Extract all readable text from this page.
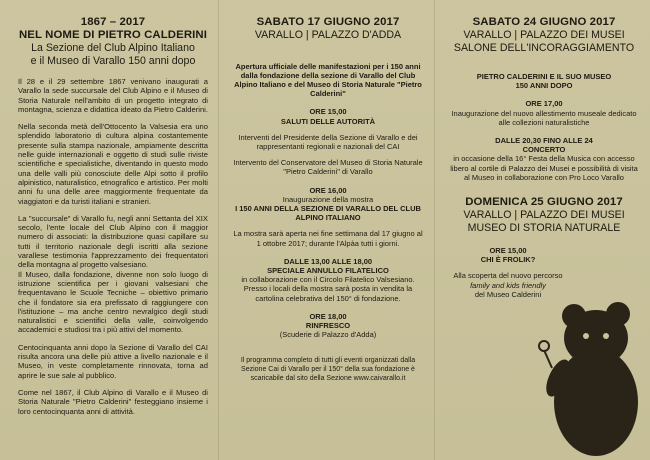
1867 – 2017
NEL NOME DI PIETRO CALDERINI
La Sezione del Club Alpino Italiano
e il Museo di Varallo 150 anni dopo

Il 28 e il 29 settembre 1867 venivano inaugurati a Varallo la sede succursale del Club Alpino e il Museo di Storia Naturale nell'ambito di un progetto integrato di montagna, scienza e didattica ideato da Pietro Calderini.

Nella seconda metà dell'Ottocento la Valsesia era uno splendido laboratorio di cultura alpina costantemente presente sulla stampa nazionale, ampiamente descritta nelle guide internazionali e oggetto di studi sulle riviste scientifiche e specialistiche, diventando in questo modo una delle valli più conosciute delle Alpi sotto il profilo alpinistico, naturalistico, etnografico e artistico. Per molti anni fu una delle aree maggiormente frequentate da viaggiatori e da turisti italiani e stranieri.

La "succursale" di Varallo fu, negli anni Settanta del XIX secolo, l'ente locale del Club Alpino con il maggior numero di associati: la distribuzione quasi capillare su tutti il territorio nazionale degli iscritti alla sezione varallese testimonia l'apprezzamento dei frequentatori della montagna al progetto valsesiano.

Il Museo, dalla fondazione, divenne non solo luogo di istruzione scientifica per i giovani valsesiani che frequentavano le Scuole Tecniche – obiettivo primario che il fondatore sia era prefissato di raggiungere con l'istituzione – ma anche centro nevralgico degli studi naturalistici e scientifici della valle, coinvolgendo accademici e studiosi tra i più attivi del momento.

Centocinquanta anni dopo la Sezione di Varallo del CAI risulta ancora una delle più attive a livello nazionale e il Museo, in veste completamente rinnovata, torna ad aprire le sue sale al pubblico.

Come nel 1867, il Club Alpino di Varallo e il Museo di Storia Naturale "Pietro Calderini" festeggiano insieme i loro centocinquanta anni di attività.

SABATO 17 GIUGNO 2017
VARALLO | PALAZZO D'ADDA

Apertura ufficiale delle manifestazioni per i 150 anni dalla fondazione della sezione di Varallo del Club Alpino Italiano e del Museo di Storia Naturale "Pietro Calderini"

ORE 15,00

SALUTI DELLE AUTORITÀ

Interventi del Presidente della Sezione di Varallo e dei rappresentanti regionali e nazionali del CAI

Intervento del Conservatore del Museo di Storia Naturale "Pietro Calderini" di Varallo

ORE 16,00

Inaugurazione della mostra

I 150 ANNI DELLA SEZIONE DI VARALLO DEL CLUB ALPINO ITALIANO

La mostra sarà aperta nei fine settimana dal 17 giugno al 1 ottobre 2017; durante l'Alpàa tutti i giorni.

DALLE 13,00 ALLE 18,00

SPECIALE ANNULLO FILATELICO

in collaborazione con il Circolo Filatelico Valsesiano. Presso i locali della mostra sarà posta in vendita la cartolina celebrativa del 150° di fondazione.

ORE 18,00

RINFRESCO

(Scuderie di Palazzo d'Adda)

Il programma completo di tutti gli eventi organizzati dalla Sezione Cai di Varallo per il 150° della sua fondazione è scaricabile dal sito della Sezione www.caivarallo.it

SABATO 24 GIUGNO 2017
VARALLO | PALAZZO DEI MUSEI
SALONE DELL'INCORAGGIAMENTO

PIETRO CALDERINI E IL SUO MUSEO

150 ANNI DOPO

ORE 17,00

Inaugurazione del nuovo allestimento museale dedicato alle collezioni naturalistiche

DALLE 20,30 FINO ALLE 24

CONCERTO

in occasione della 16° Festa della Musica con accesso libero al cortile di Palazzo dei Musei e possibilità di visita al Museo in collaborazione con Pro Loco Varallo

DOMENICA 25 GIUGNO 2017
VARALLO | PALAZZO DEI MUSEI
MUSEO DI STORIA NATURALE

ORE 15,00

CHI È FROLIK?

Alla scoperta del nuovo percorso

family and kids friendly

del Museo Calderini
